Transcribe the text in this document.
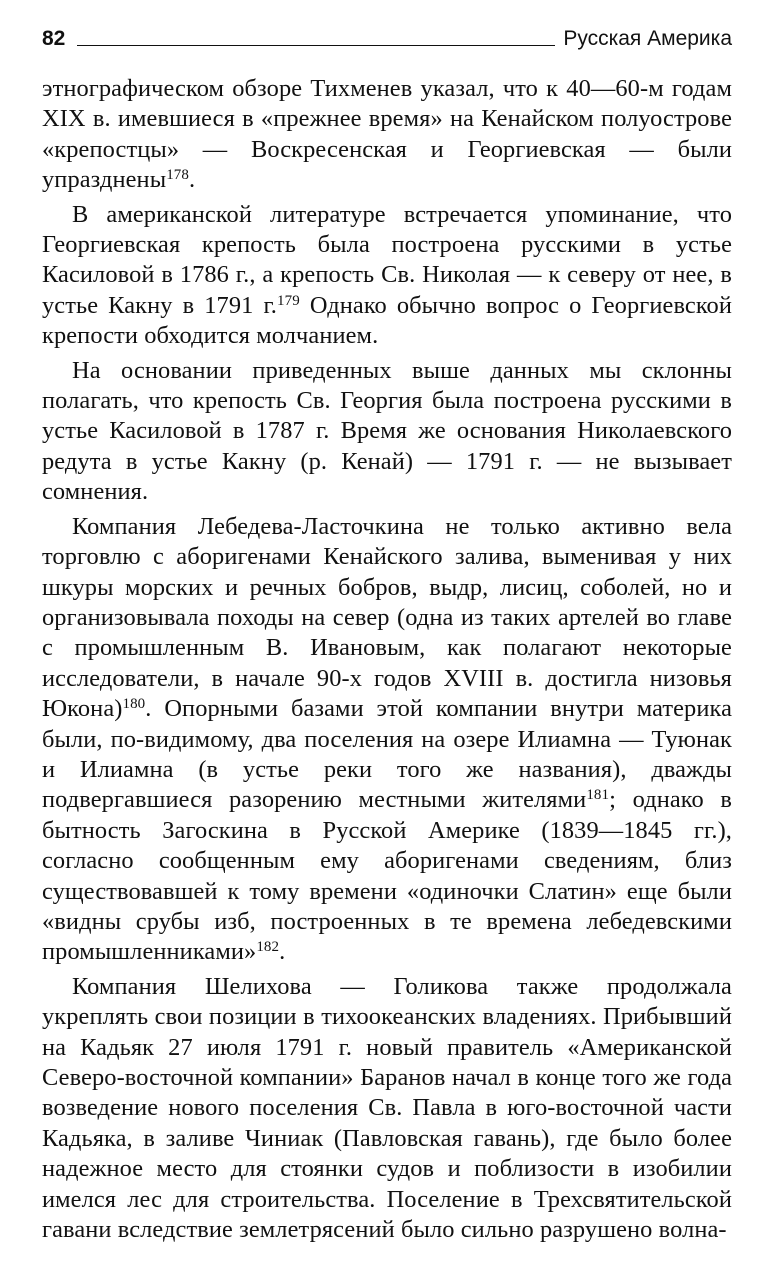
82	Русская Америка

этнографическом обзоре Тихменев указал, что к 40—60-м годам XIX в. имевшиеся в «прежнее время» на Кенайском полуострове «крепостцы» — Воскресенская и Георгиевская — были упразднены$^{178}$.

В американской литературе встречается упоминание, что Георгиевская крепость была построена русскими в устье Касиловой в 1786 г., а крепость Св. Николая — к северу от нее, в устье Какну в 1791 г.$^{179}$ Однако обычно вопрос о Георгиевской крепости обходится молчанием.

На основании приведенных выше данных мы склонны полагать, что крепость Св. Георгия была построена русскими в устье Касиловой в 1787 г. Время же основания Николаевского редута в устье Какну (р. Кенай) — 1791 г. — не вызывает сомнения.

Компания Лебедева-Ласточкина не только активно вела торговлю с аборигенами Кенайского залива, выменивая у них шкуры морских и речных бобров, выдр, лисиц, соболей, но и организовывала походы на север (одна из таких артелей во главе с промышленным В. Ивановым, как полагают некоторые исследователи, в начале 90-х годов XVIII в. достигла низовья Юкона)$^{180}$. Опорными базами этой компании внутри материка были, по-видимому, два поселения на озере Илиамна — Туюнак и Илиамна (в устье реки того же названия), дважды подвергавшиеся разорению местными жителями$^{181}$; однако в бытность Загоскина в Русской Америке (1839—1845 гг.), согласно сообщенным ему аборигенами сведениям, близ существовавшей к тому времени «одиночки Слатин» еще были «видны срубы изб, построенных в те времена лебедевскими промышленниками»$^{182}$.

Компания Шелихова — Голикова также продолжала укреплять свои позиции в тихоокеанских владениях. Прибывший на Кадьяк 27 июля 1791 г. новый правитель «Американской Северо-восточной компании» Баранов начал в конце того же года возведение нового поселения Св. Павла в юго-восточной части Кадьяка, в заливе Чиниак (Павловская гавань), где было более надежное место для стоянки судов и поблизости в изобилии имелся лес для строительства. Поселение в Трехсвятительской гавани вследствие землетрясений было сильно разрушено волна-
